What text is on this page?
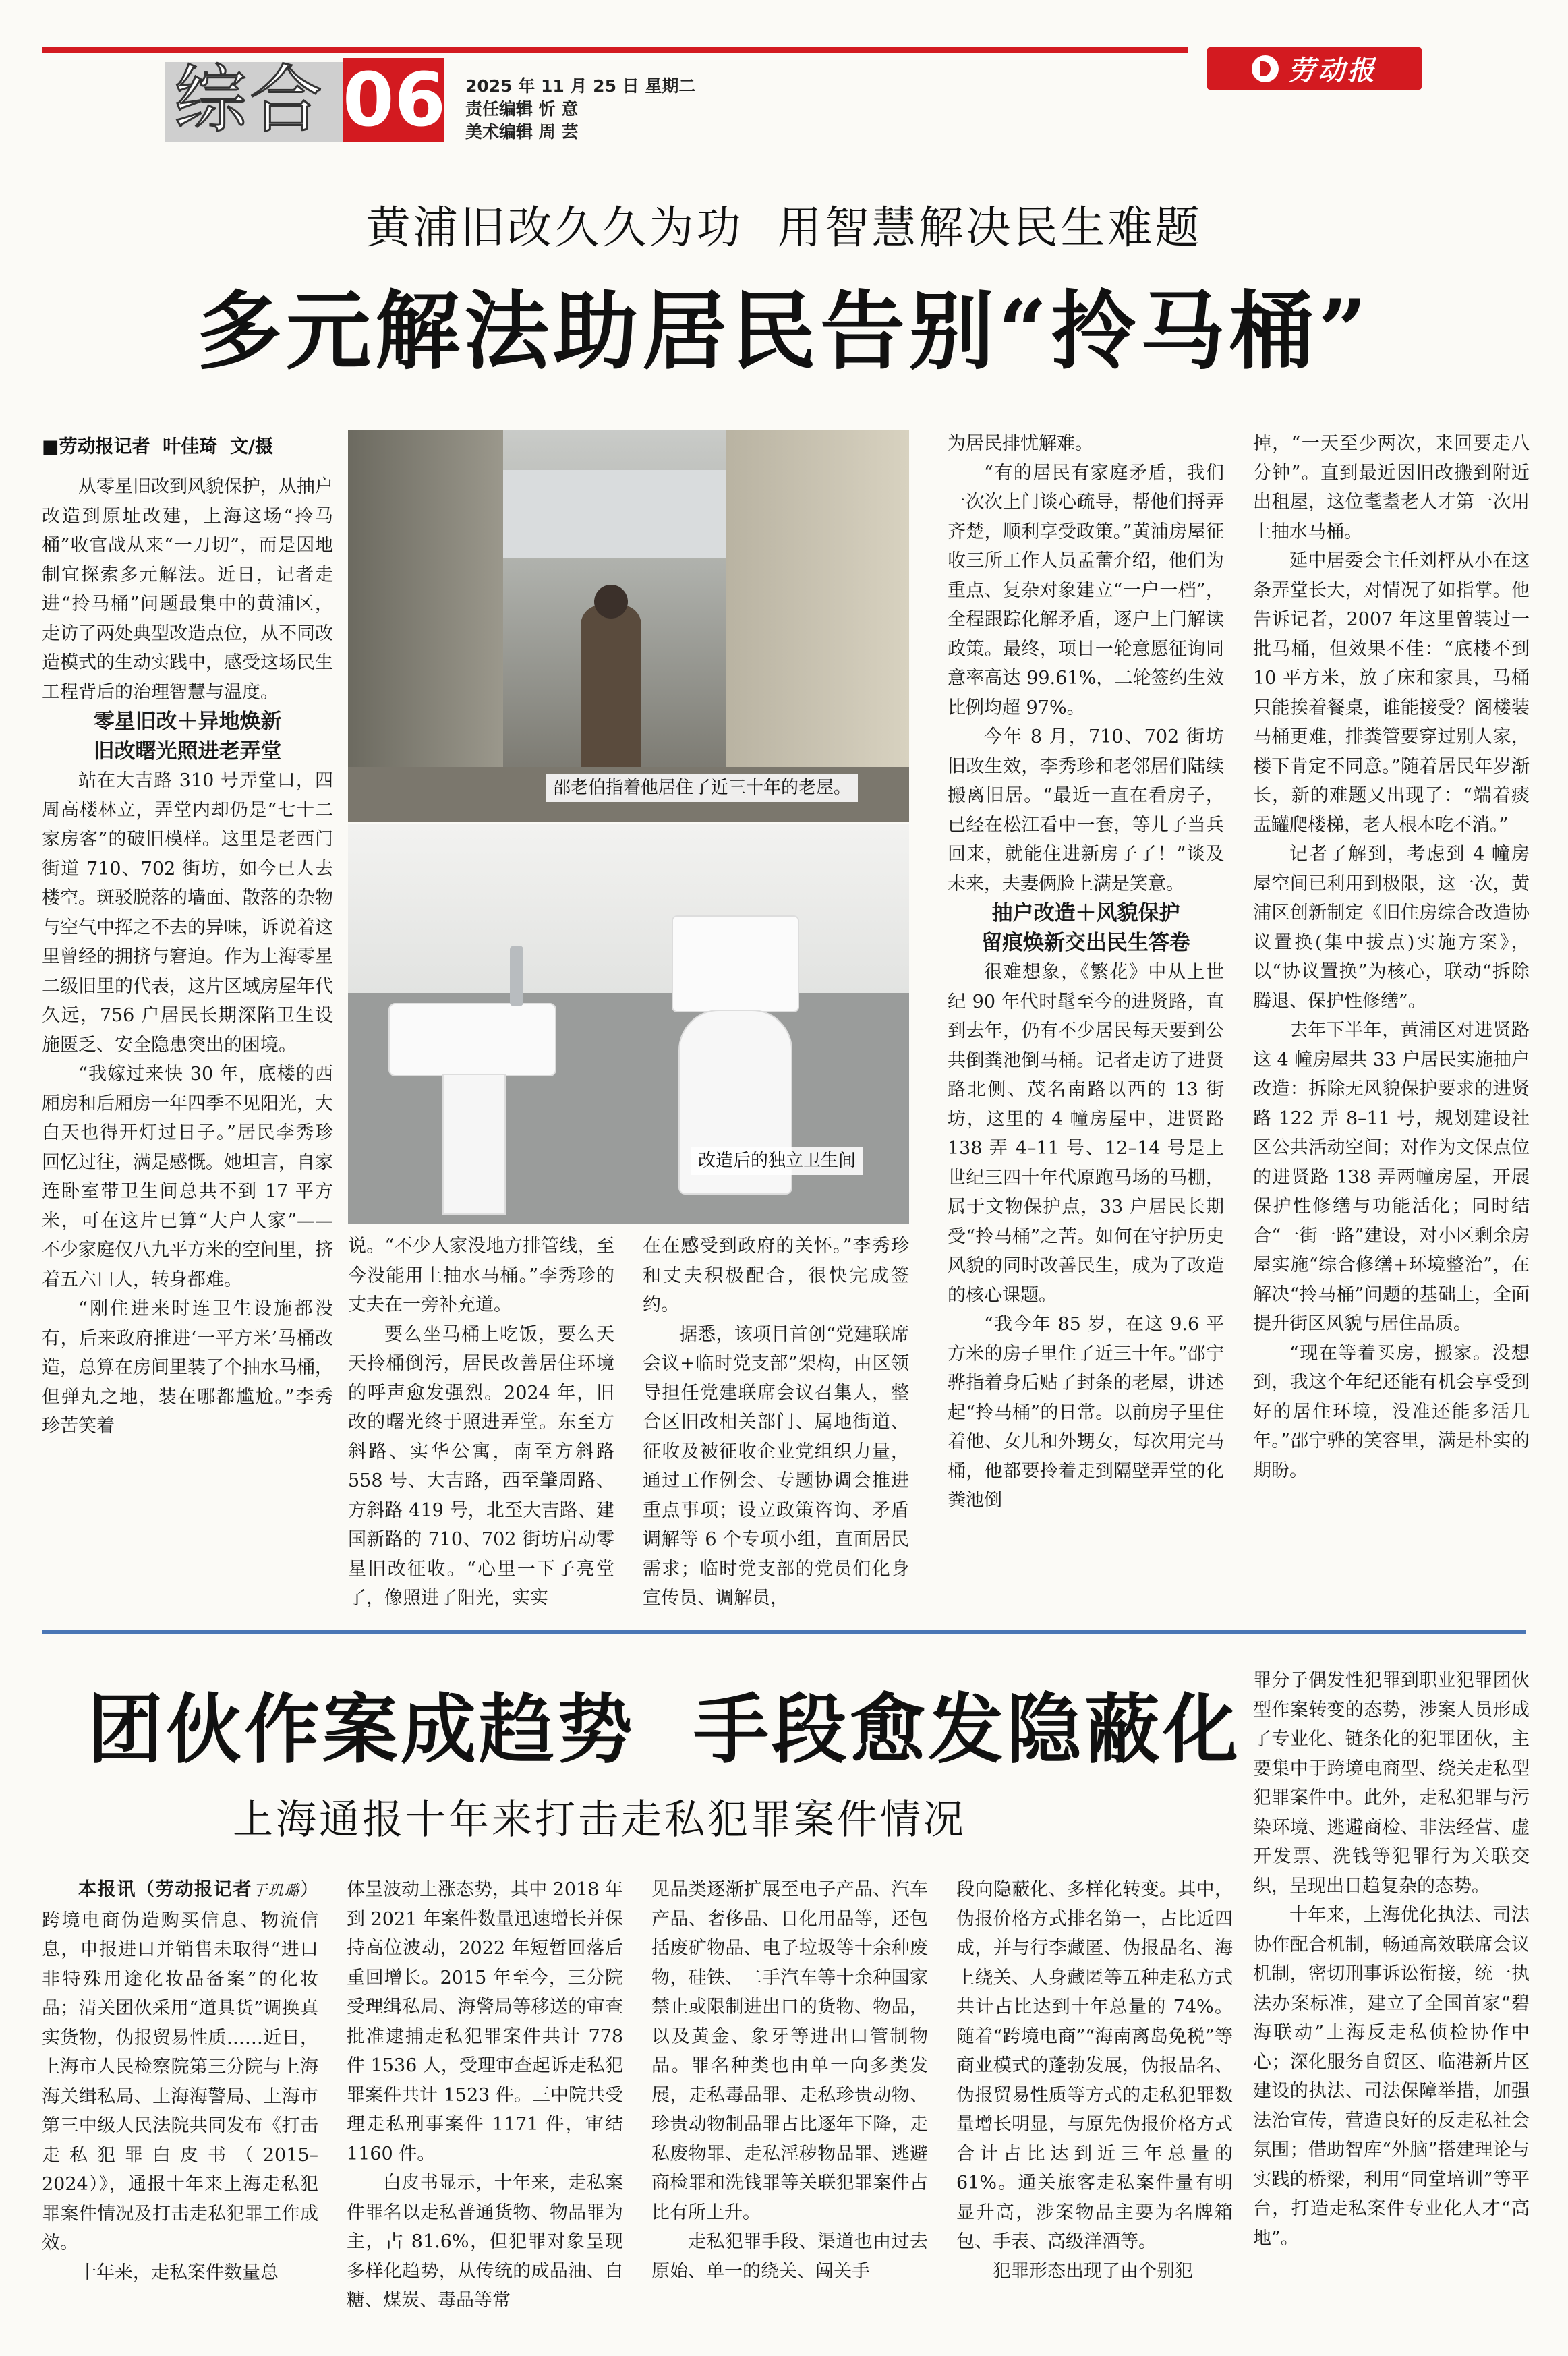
劳动报
综合 06 2025 年 11 月 25 日 星期二
责任编辑 忻 意
美术编辑 周 芸
黄浦旧改久久为功  用智慧解决民生难题
多元解法助居民告别“拎马桶”
■劳动报记者  叶佳琦  文/摄
邵老伯指着他居住了近三十年的老屋。
改造后的独立卫生间

从零星旧改到风貌保护，从抽户改造到原址改建，上海这场“拎马桶”收官战从来“一刀切”，而是因地制宜探索多元解法。近日，记者走进“拎马桶”问题最集中的黄浦区，走访了两处典型改造点位，从不同改造模式的生动实践中，感受这场民生工程背后的治理智慧与温度。

零星旧改＋异地焕新
旧改曙光照进老弄堂

站在大吉路 310 号弄堂口，四周高楼林立，弄堂内却仍是“七十二家房客”的破旧模样。这里是老西门街道 710、702 街坊，如今已人去楼空。斑驳脱落的墙面、散落的杂物与空气中挥之不去的异味，诉说着这里曾经的拥挤与窘迫。作为上海零星二级旧里的代表，这片区域房屋年代久远，756 户居民长期深陷卫生设施匮乏、安全隐患突出的困境。

“我嫁过来快 30 年，底楼的西厢房和后厢房一年四季不见阳光，大白天也得开灯过日子。”居民李秀珍回忆过往，满是感慨。她坦言，自家连卧室带卫生间总共不到 17 平方米，可在这片已算“大户人家”——不少家庭仅八九平方米的空间里，挤着五六口人，转身都难。

“刚住进来时连卫生设施都没有，后来政府推进‘一平方米’马桶改造，总算在房间里装了个抽水马桶，但弹丸之地，装在哪都尴尬。”李秀珍苦笑着

说。“不少人家没地方排管线，至今没能用上抽水马桶。”李秀珍的丈夫在一旁补充道。

要么坐马桶上吃饭，要么天天拎桶倒污，居民改善居住环境的呼声愈发强烈。2024 年，旧改的曙光终于照进弄堂。东至方斜路、实华公寓，南至方斜路 558 号、大吉路，西至肇周路、方斜路 419 号，北至大吉路、建国新路的 710、702 街坊启动零星旧改征收。“心里一下子亮堂了，像照进了阳光，实实

在在感受到政府的关怀。”李秀珍和丈夫积极配合，很快完成签约。

据悉，该项目首创“党建联席会议+临时党支部”架构，由区领导担任党建联席会议召集人，整合区旧改相关部门、属地街道、征收及被征收企业党组织力量，通过工作例会、专题协调会推进重点事项；设立政策咨询、矛盾调解等 6 个专项小组，直面居民需求；临时党支部的党员们化身宣传员、调解员，

为居民排忧解难。

“有的居民有家庭矛盾，我们一次次上门谈心疏导，帮他们捋弄齐楚，顺利享受政策。”黄浦房屋征收三所工作人员孟蕾介绍，他们为重点、复杂对象建立“一户一档”，全程跟踪化解矛盾，逐户上门解读政策。最终，项目一轮意愿征询同意率高达 99.61%，二轮签约生效比例均超 97%。

今年 8 月，710、702 街坊旧改生效，李秀珍和老邻居们陆续搬离旧居。“最近一直在看房子，已经在松江看中一套，等儿子当兵回来，就能住进新房子了！”谈及未来，夫妻俩脸上满是笑意。

抽户改造＋风貌保护
留痕焕新交出民生答卷

很难想象，《繁花》中从上世纪 90 年代时髦至今的进贤路，直到去年，仍有不少居民每天要到公共倒粪池倒马桶。记者走访了进贤路北侧、茂名南路以西的 13 街坊，这里的 4 幢房屋中，进贤路 138 弄 4–11 号、12–14 号是上世纪三四十年代原跑马场的马棚，属于文物保护点，33 户居民长期受“拎马桶”之苦。如何在守护历史风貌的同时改善民生，成为了改造的核心课题。

“我今年 85 岁，在这 9.6 平方米的房子里住了近三十年。”邵宁骅指着身后贴了封条的老屋，讲述起“拎马桶”的日常。以前房子里住着他、女儿和外甥女，每次用完马桶，他都要拎着走到隔壁弄堂的化粪池倒

掉，“一天至少两次，来回要走八分钟”。直到最近因旧改搬到附近出租屋，这位耄耋老人才第一次用上抽水马桶。

延中居委会主任刘枰从小在这条弄堂长大，对情况了如指掌。他告诉记者，2007 年这里曾装过一批马桶，但效果不佳：“底楼不到 10 平方米，放了床和家具，马桶只能挨着餐桌，谁能接受？阁楼装马桶更难，排粪管要穿过别人家，楼下肯定不同意。”随着居民年岁渐长，新的难题又出现了：“端着痰盂罐爬楼梯，老人根本吃不消。”

记者了解到，考虑到 4 幢房屋空间已利用到极限，这一次，黄浦区创新制定《旧住房综合改造协议置换(集中拔点)实施方案》，以“协议置换”为核心，联动“拆除腾退、保护性修缮”。

去年下半年，黄浦区对进贤路这 4 幢房屋共 33 户居民实施抽户改造：拆除无风貌保护要求的进贤路 122 弄 8–11 号，规划建设社区公共活动空间；对作为文保点位的进贤路 138 弄两幢房屋，开展保护性修缮与功能活化；同时结合“一街一路”建设，对小区剩余房屋实施“综合修缮+环境整治”，在解决“拎马桶”问题的基础上，全面提升街区风貌与居住品质。

“现在等着买房，搬家。没想到，我这个年纪还能有机会享受到好的居住环境，没准还能多活几年。”邵宁骅的笑容里，满是朴实的期盼。

团伙作案成趋势  手段愈发隐蔽化
上海通报十年来打击走私犯罪案件情况

本报讯（劳动报记者于玑璐）跨境电商伪造购买信息、物流信息，申报进口并销售未取得“进口非特殊用途化妆品备案”的化妆品；清关团伙采用“道具货”调换真实货物，伪报贸易性质……近日，上海市人民检察院第三分院与上海海关缉私局、上海海警局、上海市第三中级人民法院共同发布《打击走私犯罪白皮书（2015–2024）》，通报十年来上海走私犯罪案件情况及打击走私犯罪工作成效。

十年来，走私案件数量总

体呈波动上涨态势，其中 2018 年到 2021 年案件数量迅速增长并保持高位波动，2022 年短暂回落后重回增长。2015 年至今，三分院受理缉私局、海警局等移送的审查批准逮捕走私犯罪案件共计 778 件 1536 人，受理审查起诉走私犯罪案件共计 1523 件。三中院共受理走私刑事案件 1171 件，审结 1160 件。

白皮书显示，十年来，走私案件罪名以走私普通货物、物品罪为主，占 81.6%，但犯罪对象呈现多样化趋势，从传统的成品油、白糖、煤炭、毒品等常

见品类逐渐扩展至电子产品、汽车产品、奢侈品、日化用品等，还包括废矿物品、电子垃圾等十余种废物，硅铁、二手汽车等十余种国家禁止或限制进出口的货物、物品，以及黄金、象牙等进出口管制物品。罪名种类也由单一向多类发展，走私毒品罪、走私珍贵动物、珍贵动物制品罪占比逐年下降，走私废物罪、走私淫秽物品罪、逃避商检罪和洗钱罪等关联犯罪案件占比有所上升。

走私犯罪手段、渠道也由过去原始、单一的绕关、闯关手

段向隐蔽化、多样化转变。其中，伪报价格方式排名第一，占比近四成，并与行李藏匿、伪报品名、海上绕关、人身藏匿等五种走私方式共计占比达到十年总量的 74%。随着“跨境电商”“海南离岛免税”等商业模式的蓬勃发展，伪报品名、伪报贸易性质等方式的走私犯罪数量增长明显，与原先伪报价格方式合计占比达到近三年总量的 61%。通关旅客走私案件量有明显升高，涉案物品主要为名牌箱包、手表、高级洋酒等。

犯罪形态出现了由个别犯

罪分子偶发性犯罪到职业犯罪团伙型作案转变的态势，涉案人员形成了专业化、链条化的犯罪团伙，主要集中于跨境电商型、绕关走私型犯罪案件中。此外，走私犯罪与污染环境、逃避商检、非法经营、虚开发票、洗钱等犯罪行为关联交织，呈现出日趋复杂的态势。

十年来，上海优化执法、司法协作配合机制，畅通高效联席会议机制，密切刑事诉讼衔接，统一执法办案标准，建立了全国首家“碧海联动”上海反走私侦检协作中心；深化服务自贸区、临港新片区建设的执法、司法保障举措，加强法治宣传，营造良好的反走私社会氛围；借助智库“外脑”搭建理论与实践的桥梁，利用“同堂培训”等平台，打造走私案件专业化人才“高地”。
